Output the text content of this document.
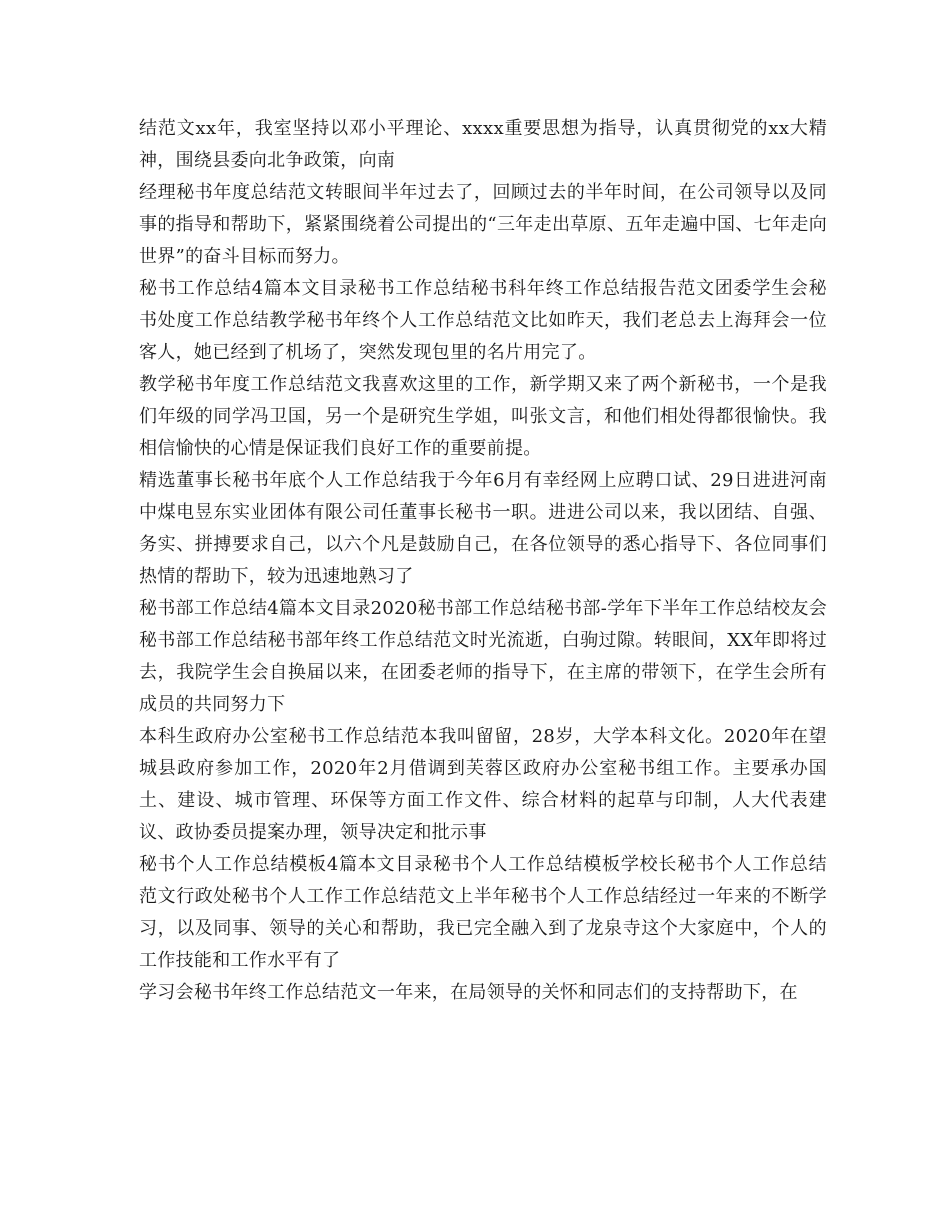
结范文xx年，我室坚持以邓小平理论、xxxx重要思想为指导，认真贯彻党的xx大精神，围绕县委向北争政策，向南

经理秘书年度总结范文转眼间半年过去了，回顾过去的半年时间，在公司领导以及同事的指导和帮助下，紧紧围绕着公司提出的“三年走出草原、五年走遍中国、七年走向世界”的奋斗目标而努力。

秘书工作总结4篇本文目录秘书工作总结秘书科年终工作总结报告范文团委学生会秘书处度工作总结教学秘书年终个人工作总结范文比如昨天，我们老总去上海拜会一位客人，她已经到了机场了，突然发现包里的名片用完了。

教学秘书年度工作总结范文我喜欢这里的工作，新学期又来了两个新秘书，一个是我们年级的同学冯卫国，另一个是研究生学姐，叫张文言，和他们相处得都很愉快。我相信愉快的心情是保证我们良好工作的重要前提。

精选董事长秘书年底个人工作总结我于今年6月有幸经网上应聘口试、29日进进河南中煤电昱东实业团体有限公司任董事长秘书一职。进进公司以来，我以团结、自强、务实、拼搏要求自己，以六个凡是鼓励自己，在各位领导的悉心指导下、各位同事们热情的帮助下，较为迅速地熟习了

秘书部工作总结4篇本文目录2020秘书部工作总结秘书部-学年下半年工作总结校友会秘书部工作总结秘书部年终工作总结范文时光流逝，白驹过隙。转眼间，XX年即将过去，我院学生会自换届以来，在团委老师的指导下，在主席的带领下，在学生会所有成员的共同努力下

本科生政府办公室秘书工作总结范本我叫留留，28岁，大学本科文化。2020年在望城县政府参加工作，2020年2月借调到芙蓉区政府办公室秘书组工作。主要承办国土、建设、城市管理、环保等方面工作文件、综合材料的起草与印制，人大代表建议、政协委员提案办理，领导决定和批示事

秘书个人工作总结模板4篇本文目录秘书个人工作总结模板学校长秘书个人工作总结范文行政处秘书个人工作工作总结范文上半年秘书个人工作总结经过一年来的不断学习，以及同事、领导的关心和帮助，我已完全融入到了龙泉寺这个大家庭中，个人的工作技能和工作水平有了

学习会秘书年终工作总结范文一年来，在局领导的关怀和同志们的支持帮助下，在
